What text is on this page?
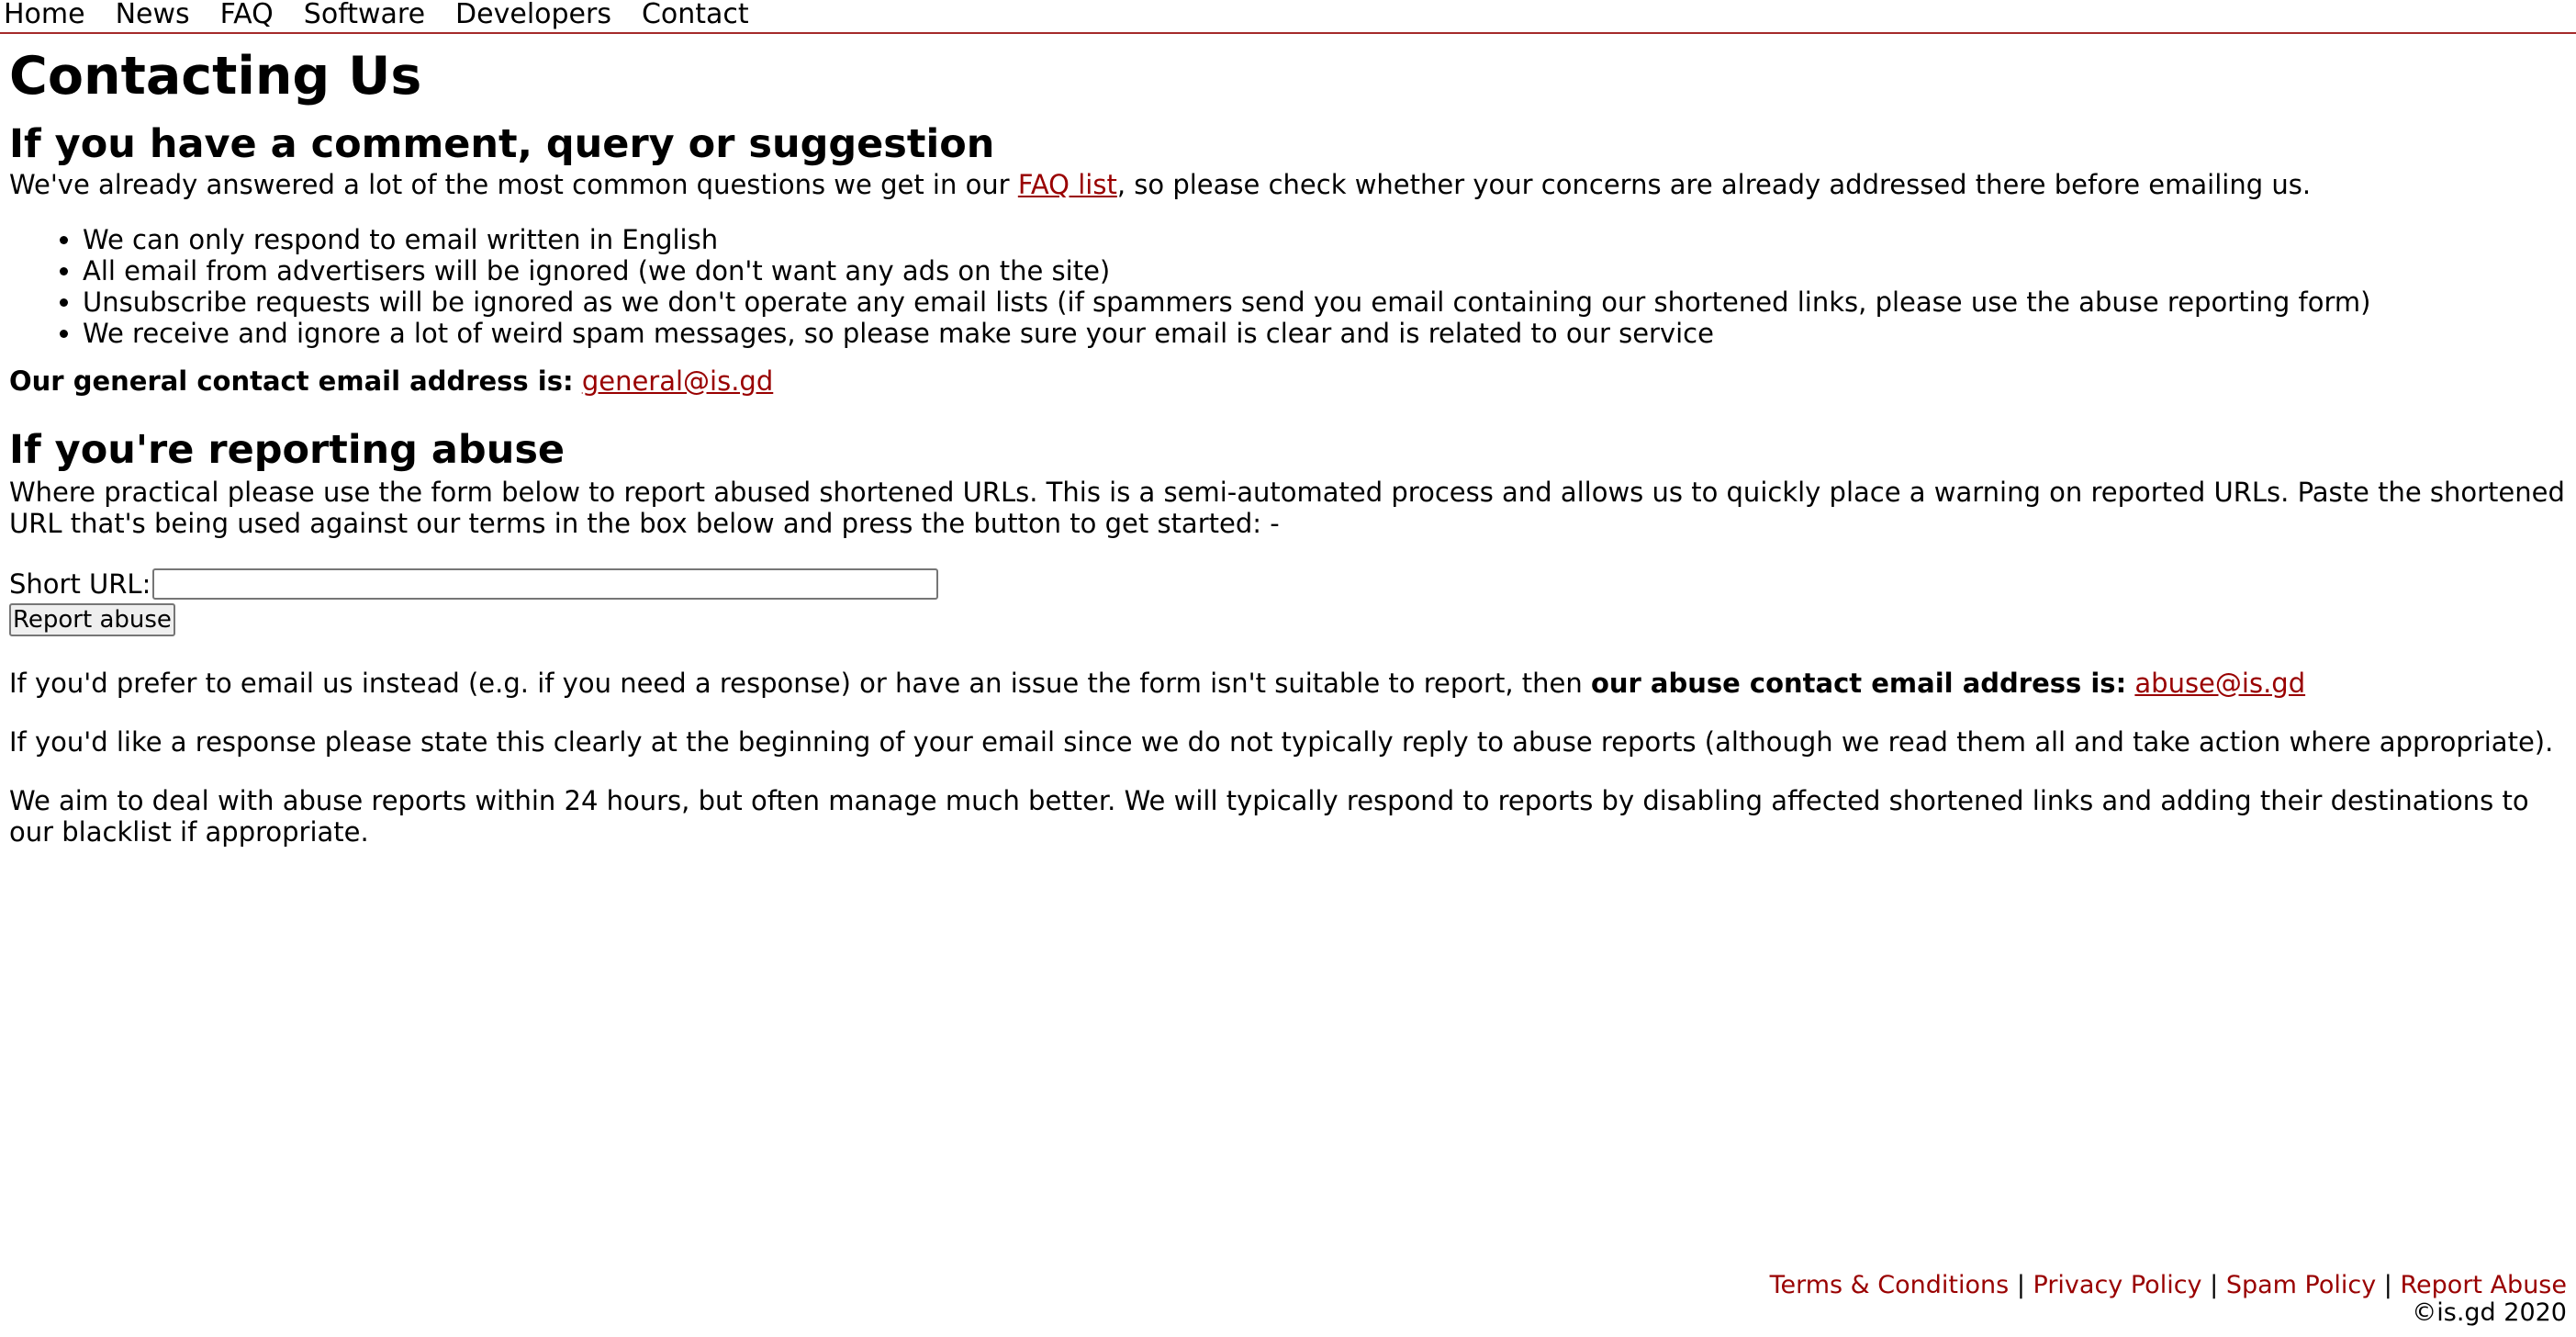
Home News FAQ Software Developers Contact
Contacting Us
If you have a comment, query or suggestion

We've already answered a lot of the most common questions we get in our FAQ list, so please check whether your concerns are already addressed there before emailing us.

• We can only respond to email written in English
• All email from advertisers will be ignored (we don't want any ads on the site)
• Unsubscribe requests will be ignored as we don't operate any email lists (if spammers send you email containing our shortened links, please use the abuse reporting form)
• We receive and ignore a lot of weird spam messages, so please make sure your email is clear and is related to our service

Our general contact email address is: general@is.gd

If you're reporting abuse

Where practical please use the form below to report abused shortened URLs. This is a semi-automated process and allows us to quickly place a warning on reported URLs. Paste the shortened URL that's being used against our terms in the box below and press the button to get started: -

Short URL:
Report abuse

If you'd prefer to email us instead (e.g. if you need a response) or have an issue the form isn't suitable to report, then our abuse contact email address is: abuse@is.gd

If you'd like a response please state this clearly at the beginning of your email since we do not typically reply to abuse reports (although we read them all and take action where appropriate).

We aim to deal with abuse reports within 24 hours, but often manage much better. We will typically respond to reports by disabling affected shortened links and adding their destinations to our blacklist if appropriate.

Terms & Conditions | Privacy Policy | Spam Policy | Report Abuse
©is.gd 2020
